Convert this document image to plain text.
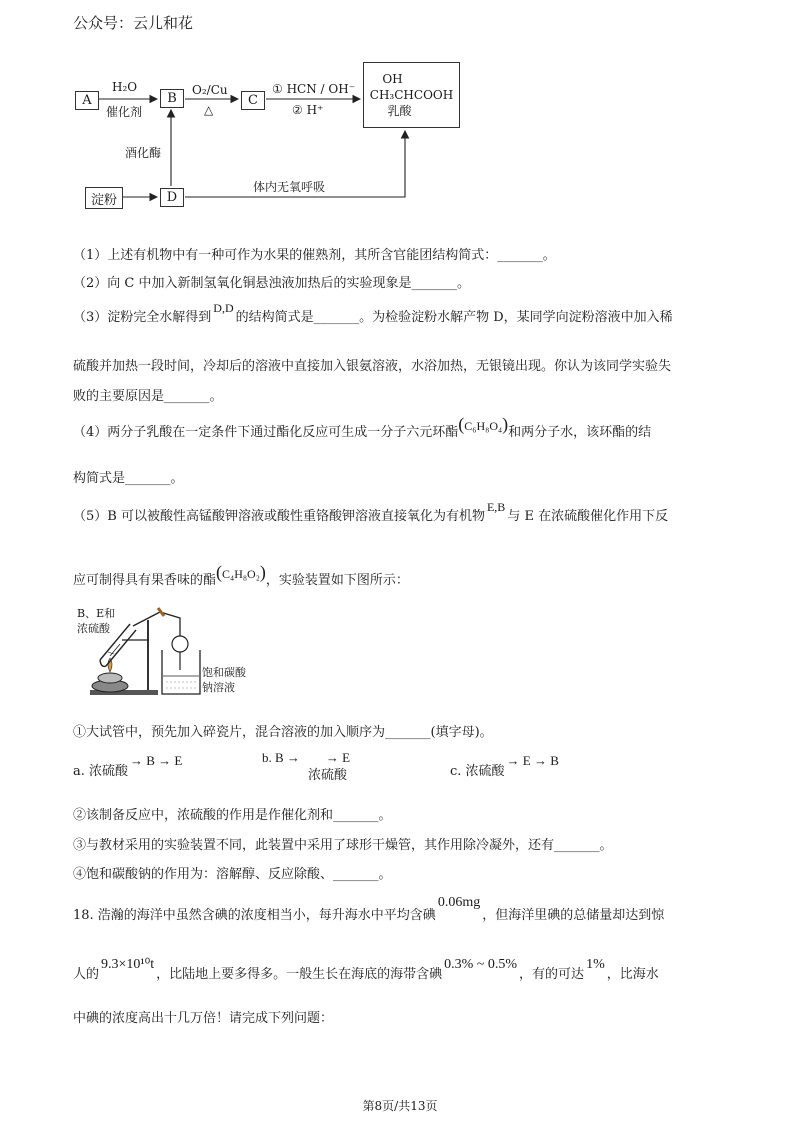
公众号：云儿和花
A	B	C
D
淀粉
OH
CH₃CHCOOH
乳酸
H₂O
催化剂
O₂/Cu
△
① HCN / OH⁻
② H⁺
酒化酶
体内无氧呼吸
（1）上述有机物中有一种可作为水果的催熟剂，其所含官能团结构简式：_______。
（2）向 C 中加入新制氢氧化铜悬浊液加热后的实验现象是_______。
（3）淀粉完全水解得到D,D的结构简式是_______。为检验淀粉水解产物 D，某同学向淀粉溶液中加入稀
硫酸并加热一段时间，冷却后的溶液中直接加入银氨溶液，水浴加热，无银镜出现。你认为该同学实验失
败的主要原因是_______。
（4）两分子乳酸在一定条件下通过酯化反应可生成一分子六元环酯(C₆H₈O₄)和两分子水，该环酯的结
构简式是_______。
（5）B 可以被酸性高锰酸钾溶液或酸性重铬酸钾溶液直接氧化为有机物E,B与 E 在浓硫酸催化作用下反
应可制得具有果香味的酯(C₄H₈O₂)，实验装置如下图所示：
B、E和
浓硫酸
饱和碳酸
钠溶液
①大试管中，预先加入碎瓷片，混合溶液的加入顺序为_______(填字母)。
a. 浓硫酸→ B → E	b. B → → E
浓硫酸	c. 浓硫酸→ E → B
②该制备反应中，浓硫酸的作用是作催化剂和_______。
③与教材采用的实验装置不同，此装置中采用了球形干燥管，其作用除冷凝外，还有_______。
④饱和碳酸钠的作用为：溶解醇、反应除酸、_______。
18. 浩瀚的海洋中虽然含碘的浓度相当小，每升海水中平均含碘0.06mg，但海洋里碘的总储量却达到惊
人的9.3×10¹⁰t，比陆地上要多得多。一般生长在海底的海带含碘0.3% ~ 0.5%，有的可达1%，比海水
中碘的浓度高出十几万倍！请完成下列问题：
第8页/共13页
